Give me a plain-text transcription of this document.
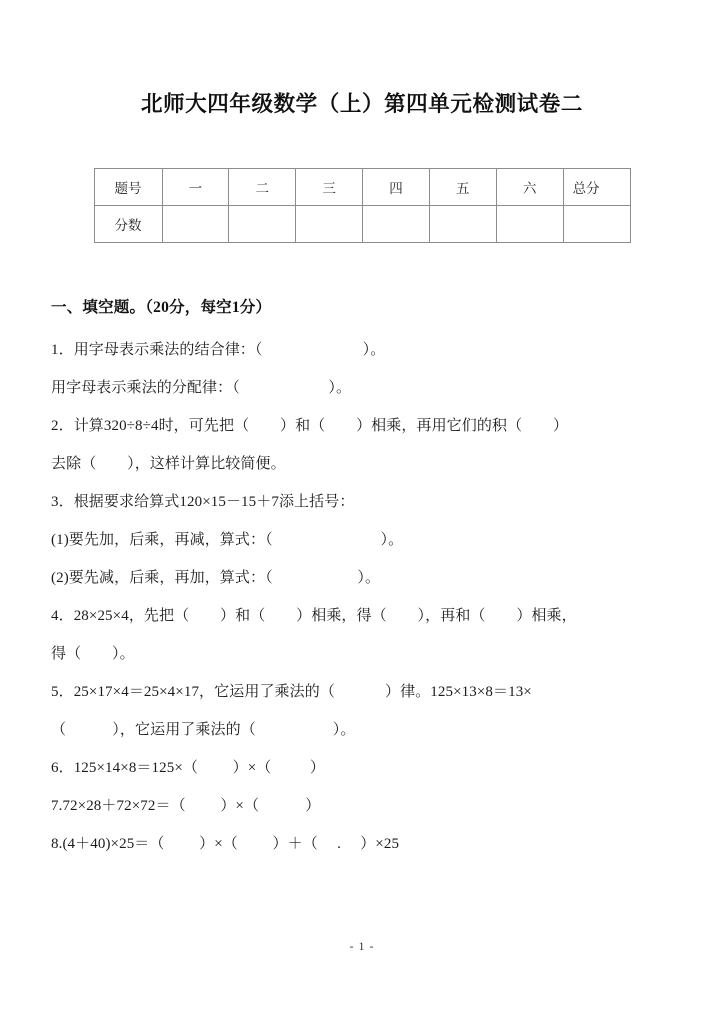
北师大四年级数学（上）第四单元检测试卷二
题号	一	二	三	四	五	六	总分
分数							
一、填空题。（20分，每空1分）
1．用字母表示乘法的结合律：（                          ）。
用字母表示乘法的分配律：（                       ）。
2．计算320÷8÷4时，可先把（        ）和（        ）相乘，再用它们的积（        ）
去除（        ），这样计算比较简便。
3．根据要求给算式120×15－15＋7添上括号：
(1)要先加，后乘，再减，算式：（                            ）。
(2)要先减，后乘，再加，算式：（                      ）。
4．28×25×4，先把（        ）和（        ）相乘，得（        ），再和（        ）相乘，
得（        ）。
5．25×17×4＝25×4×17，它运用了乘法的（             ）律。125×13×8＝13×
（            ），它运用了乘法的（                    ）。
6．125×14×8＝125×（         ）×（          ）
7.72×28＋72×72＝（         ）×（            ）
8.(4＋40)×25＝（         ）×（         ）＋（     .     ）×25
- 1 -
